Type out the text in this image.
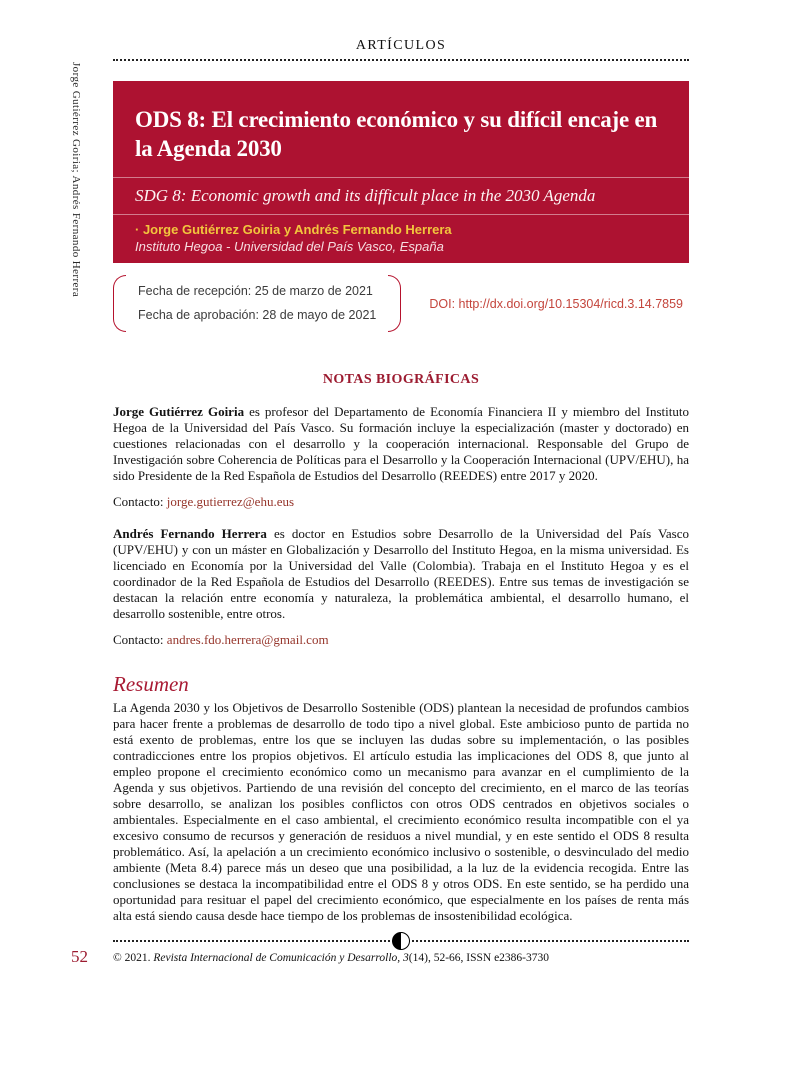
Jorge Gutiérrez Goiria; Andrés Fernando Herrera
ARTÍCULOS
ODS 8: El crecimiento económico y su difícil encaje en la Agenda 2030
SDG 8: Economic growth and its difficult place in the 2030 Agenda
· Jorge Gutiérrez Goiria y Andrés Fernando Herrera
Instituto Hegoa - Universidad del País Vasco, España
Fecha de recepción: 25 de marzo de 2021
Fecha de aprobación: 28 de mayo de 2021
DOI: http://dx.doi.org/10.15304/ricd.3.14.7859
NOTAS BIOGRÁFICAS

Jorge Gutiérrez Goiria es profesor del Departamento de Economía Financiera II y miembro del Instituto Hegoa de la Universidad del País Vasco. Su formación incluye la especialización (master y doctorado) en cuestiones relacionadas con el desarrollo y la cooperación internacional. Responsable del Grupo de Investigación sobre Coherencia de Políticas para el Desarrollo y la Cooperación Internacional (UPV/EHU), ha sido Presidente de la Red Española de Estudios del Desarrollo (REEDES) entre 2017 y 2020.

Contacto: jorge.gutierrez@ehu.eus

Andrés Fernando Herrera es doctor en Estudios sobre Desarrollo de la Universidad del País Vasco (UPV/EHU) y con un máster en Globalización y Desarrollo del Instituto Hegoa, en la misma universidad. Es licenciado en Economía por la Universidad del Valle (Colombia). Trabaja en el Instituto Hegoa y es el coordinador de la Red Española de Estudios del Desarrollo (REEDES). Entre sus temas de investigación se destacan la relación entre economía y naturaleza, la problemática ambiental, el desarrollo humano, el desarrollo sostenible, entre otros.

Contacto: andres.fdo.herrera@gmail.com

Resumen

La Agenda 2030 y los Objetivos de Desarrollo Sostenible (ODS) plantean la necesidad de profundos cambios para hacer frente a problemas de desarrollo de todo tipo a nivel global. Este ambicioso punto de partida no está exento de problemas, entre los que se incluyen las dudas sobre su implementación, o las posibles contradicciones entre los propios objetivos. El artículo estudia las implicaciones del ODS 8, que junto al empleo propone el crecimiento económico como un mecanismo para avanzar en el cumplimiento de la Agenda y sus objetivos. Partiendo de una revisión del concepto del crecimiento, en el marco de las teorías sobre desarrollo, se analizan los posibles conflictos con otros ODS centrados en objetivos sociales o ambientales. Especialmente en el caso ambiental, el crecimiento económico resulta incompatible con el ya excesivo consumo de recursos y generación de residuos a nivel mundial, y en este sentido el ODS 8 resulta problemático. Así, la apelación a un crecimiento económico inclusivo o sostenible, o desvinculado del medio ambiente (Meta 8.4) parece más un deseo que una posibilidad, a la luz de la evidencia recogida. Entre las conclusiones se destaca la incompatibilidad entre el ODS 8 y otros ODS. En este sentido, se ha perdido una oportunidad para resituar el papel del crecimiento económico, que especialmente en los países de renta más alta está siendo causa desde hace tiempo de los problemas de insostenibilidad ecológica.

52 © 2021. Revista Internacional de Comunicación y Desarrollo, 3(14), 52-66, ISSN e2386-3730
